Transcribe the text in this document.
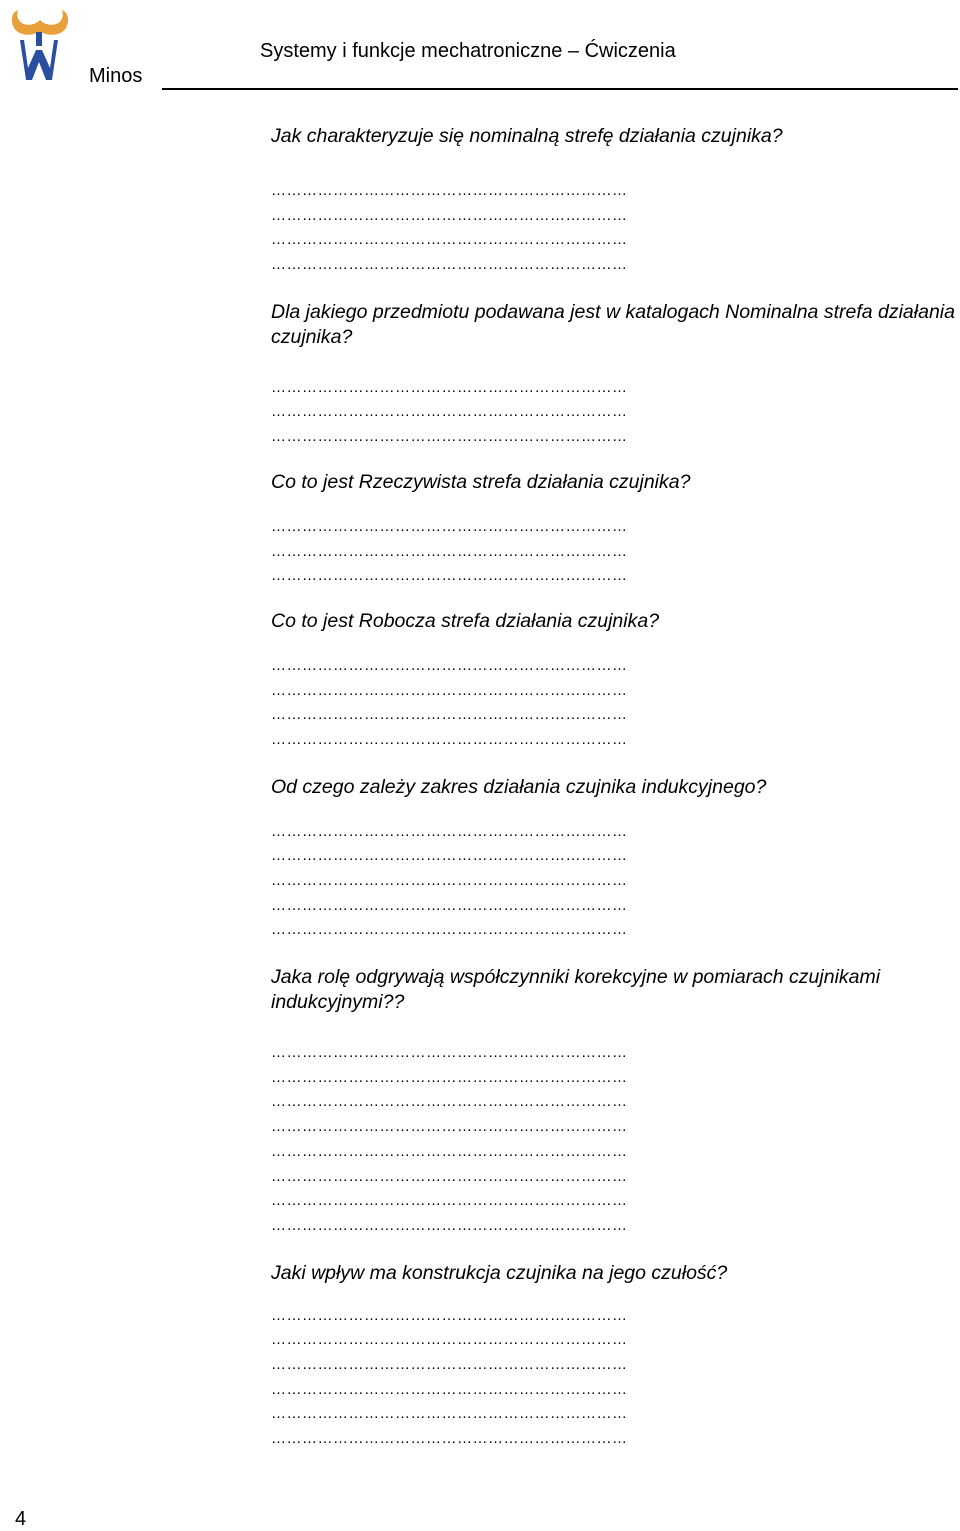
Minos
Systemy i funkcje mechatroniczne – Ćwiczenia

Jak charakteryzuje się nominalną strefę działania czujnika?

……………………………………………………………
……………………………………………………………
……………………………………………………………
……………………………………………………………

Dla jakiego przedmiotu podawana jest w katalogach Nominalna strefa działania czujnika?

……………………………………………………………
……………………………………………………………
……………………………………………………………

Co to jest Rzeczywista strefa działania czujnika?

……………………………………………………………
……………………………………………………………
……………………………………………………………

Co to jest Robocza strefa działania czujnika?

……………………………………………………………
……………………………………………………………
……………………………………………………………
……………………………………………………………

Od czego zależy zakres działania czujnika indukcyjnego?

……………………………………………………………
……………………………………………………………
……………………………………………………………
……………………………………………………………
……………………………………………………………

Jaka rolę odgrywają współczynniki korekcyjne w pomiarach czujnikami indukcyjnymi??

……………………………………………………………
……………………………………………………………
……………………………………………………………
……………………………………………………………
……………………………………………………………
……………………………………………………………
……………………………………………………………
……………………………………………………………

Jaki wpływ ma konstrukcja czujnika na jego czułość?

……………………………………………………………
……………………………………………………………
……………………………………………………………
……………………………………………………………
……………………………………………………………
……………………………………………………………
4
